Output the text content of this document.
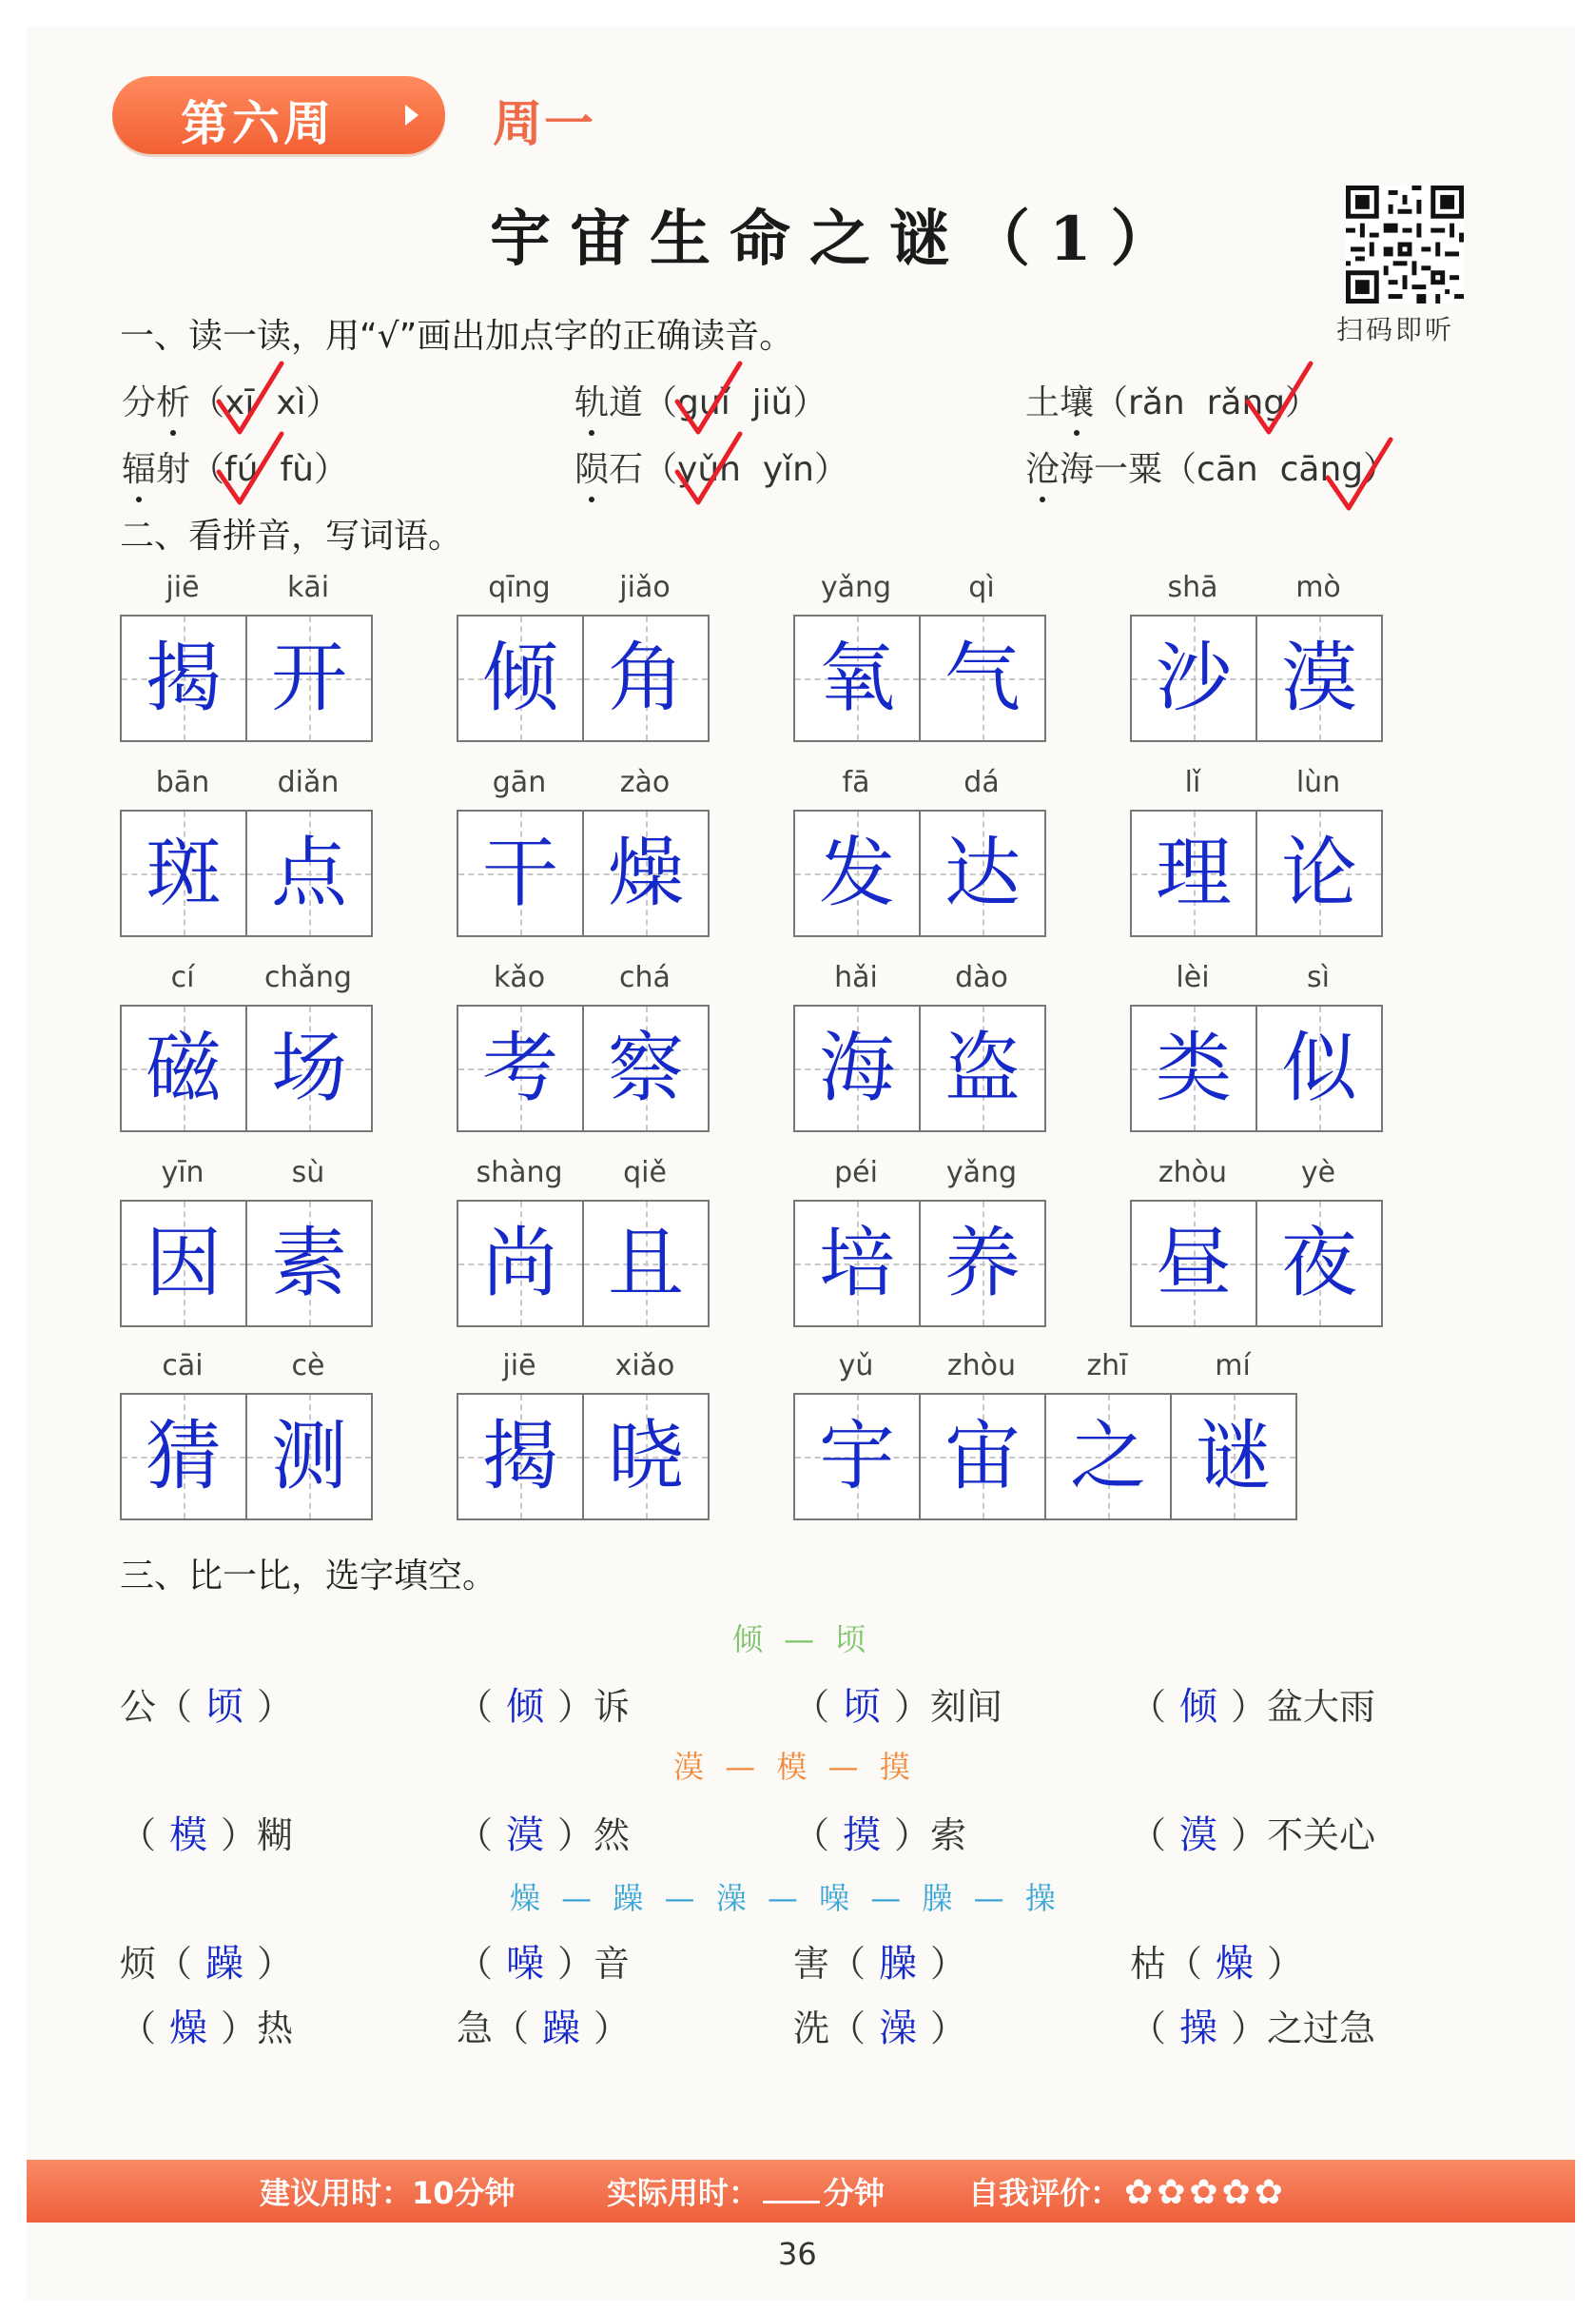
第六周	周一
宇宙生命之谜（1）
扫码即听
一、读一读，用“√”画出加点字的正确读音。
分析（xī xì）	轨道（guǐ jiǔ）	土壤（rǎn rǎng）
辐射（fú fù）	陨石（yǔn yǐn）	沧海一粟（cān cāng）
二、看拼音，写词语。
jiē	kāi
揭 开
qīng	jiǎo
倾 角
yǎng	qì
氧 气
shā	mò
沙 漠
bān	diǎn
斑 点
gān	zào
干 燥
fā	dá
发 达
lǐ	lùn
理 论
cí	chǎng
磁 场
kǎo	chá
考 察
hǎi	dào
海 盗
lèi	sì
类 似
yīn	sù
因 素
shàng	qiě
尚 且
péi	yǎng
培 养
zhòu	yè
昼 夜
cāi	cè
猜 测
jiē	xiǎo
揭 晓
yǔ	zhòu	zhī	mí
宇 宙 之 谜
三、比一比，选字填空。
倾 — 顷
漠 — 模 — 摸
燥 — 躁 — 澡 — 噪 — 臊 — 操
公（ 顷 ）	（ 倾 ）诉	（ 顷 ）刻间	（ 倾 ）盆大雨
（ 模 ）糊	（ 漠 ）然	（ 摸 ）索	（ 漠 ）不关心
烦（ 躁 ）	（ 噪 ）音	害（ 臊 ）	枯（ 燥 ）
（ 燥 ）热	急（ 躁 ）	洗（ 澡 ）	（ 操 ）之过急
建议用时：10分钟	实际用时： 分钟	自我评价： ✿ ✿ ✿ ✿ ✿
36
